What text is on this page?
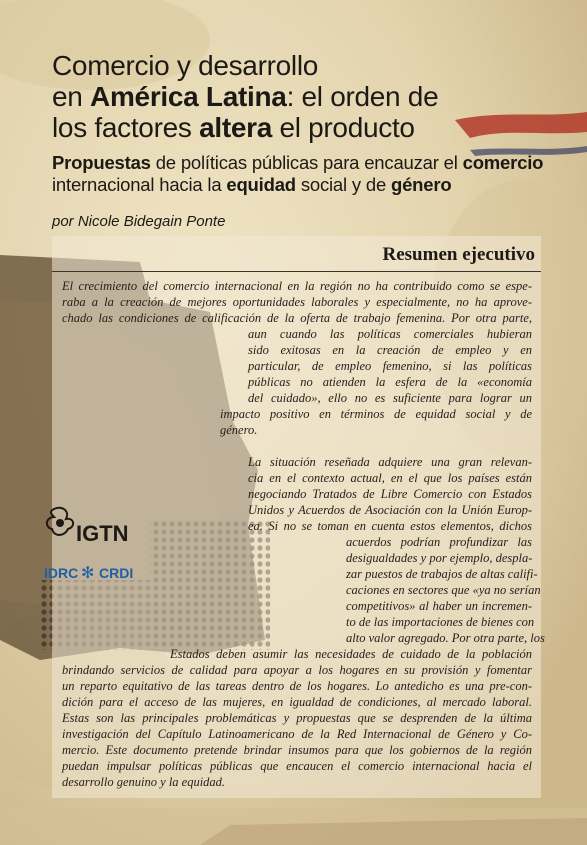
Comercio y desarrollo
en América Latina: el orden de
los factores altera el producto
Propuestas de políticas públicas para encauzar el comercio
internacional hacia la equidad social y de género

por Nicole Bidegain Ponte

Resumen ejecutivo

El crecimiento del comercio internacional en la región no ha contribuido como se espe-

raba a la creación de mejores oportunidades laborales y especialmente, no ha aprove-

chado las condiciones de calificación de la oferta de trabajo femenina. Por otra parte,

aun cuando las políticas comerciales hubieran

sido exitosas en la creación de empleo y en

particular, de empleo femenino, si las políticas

públicas no atienden la esfera de la «economía

del cuidado», ello no es suficiente para lograr un

impacto positivo en términos de equidad social y de

género.

La situación reseñada adquiere una gran relevan-

cia en el contexto actual, en el que los países están

negociando Tratados de Libre Comercio con Estados

Unidos y Acuerdos de Asociación con la Unión Europ-

ea. Si no se toman en cuenta estos elementos, dichos

acuerdos podrían profundizar las

desigualdades y por ejemplo, despla-

zar puestos de trabajos de altas califi-

caciones en sectores que «ya no serían

competitivos» al haber un incremen-

to de las importaciones de bienes con

alto valor agregado. Por otra parte, los

Estados deben asumir las necesidades de cuidado de la población

brindando servicios de calidad para apoyar a los hogares en su provisión y fomentar

un reparto equitativo de las tareas dentro de los hogares. Lo antedicho es una pre-con-

dición para el acceso de las mujeres, en igualdad de condiciones, al mercado laboral.

Estas son las principales problemáticas y propuestas que se desprenden de la última

investigación del Capítulo Latinoamericano de la Red Internacional de Género y Co-

mercio. Este documento pretende brindar insumos para que los gobiernos de la región

puedan impulsar políticas públicas que encaucen el comercio internacional hacia el

desarrollo genuino y la equidad.

IGTN
IDRC ✻ CRDI
